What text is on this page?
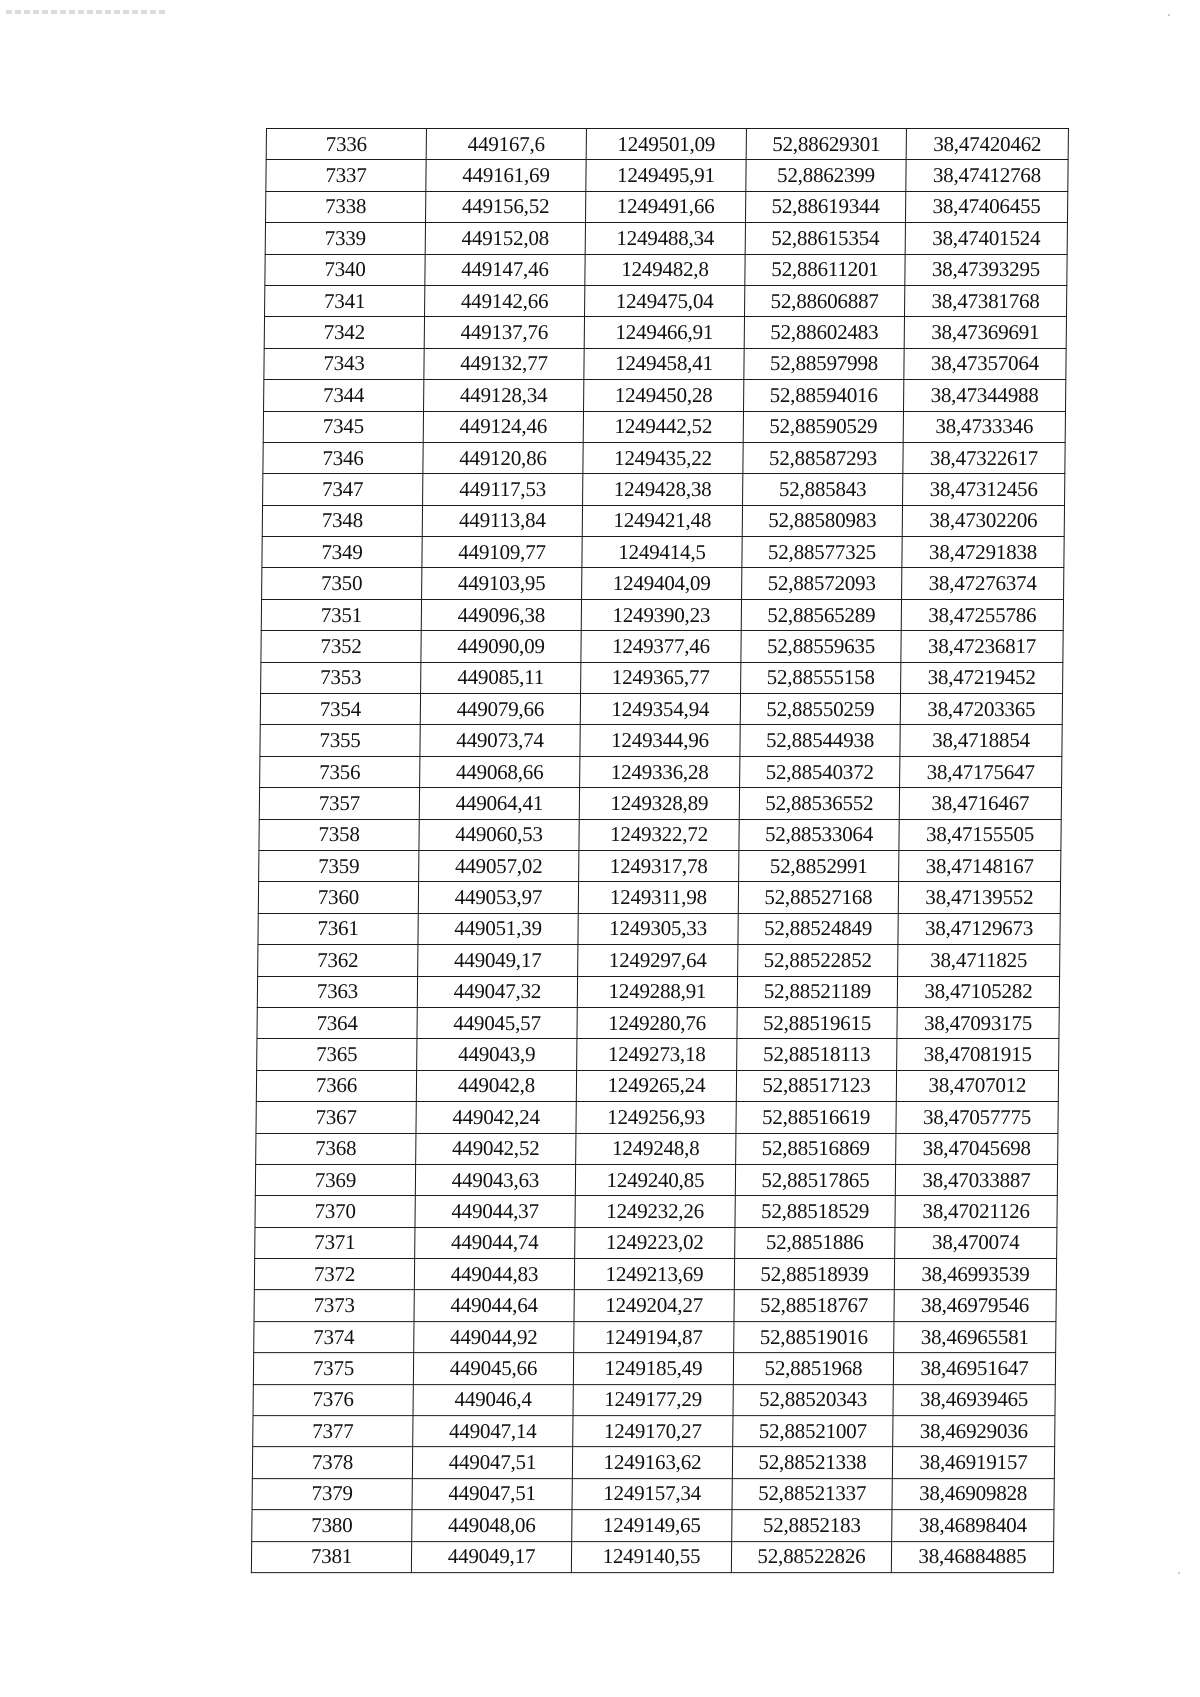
7336	449167,6	1249501,09	52,88629301	38,47420462
7337	449161,69	1249495,91	52,8862399	38,47412768
7338	449156,52	1249491,66	52,88619344	38,47406455
7339	449152,08	1249488,34	52,88615354	38,47401524
7340	449147,46	1249482,8	52,88611201	38,47393295
7341	449142,66	1249475,04	52,88606887	38,47381768
7342	449137,76	1249466,91	52,88602483	38,47369691
7343	449132,77	1249458,41	52,88597998	38,47357064
7344	449128,34	1249450,28	52,88594016	38,47344988
7345	449124,46	1249442,52	52,88590529	38,4733346
7346	449120,86	1249435,22	52,88587293	38,47322617
7347	449117,53	1249428,38	52,885843	38,47312456
7348	449113,84	1249421,48	52,88580983	38,47302206
7349	449109,77	1249414,5	52,88577325	38,47291838
7350	449103,95	1249404,09	52,88572093	38,47276374
7351	449096,38	1249390,23	52,88565289	38,47255786
7352	449090,09	1249377,46	52,88559635	38,47236817
7353	449085,11	1249365,77	52,88555158	38,47219452
7354	449079,66	1249354,94	52,88550259	38,47203365
7355	449073,74	1249344,96	52,88544938	38,4718854
7356	449068,66	1249336,28	52,88540372	38,47175647
7357	449064,41	1249328,89	52,88536552	38,4716467
7358	449060,53	1249322,72	52,88533064	38,47155505
7359	449057,02	1249317,78	52,8852991	38,47148167
7360	449053,97	1249311,98	52,88527168	38,47139552
7361	449051,39	1249305,33	52,88524849	38,47129673
7362	449049,17	1249297,64	52,88522852	38,4711825
7363	449047,32	1249288,91	52,88521189	38,47105282
7364	449045,57	1249280,76	52,88519615	38,47093175
7365	449043,9	1249273,18	52,88518113	38,47081915
7366	449042,8	1249265,24	52,88517123	38,4707012
7367	449042,24	1249256,93	52,88516619	38,47057775
7368	449042,52	1249248,8	52,88516869	38,47045698
7369	449043,63	1249240,85	52,88517865	38,47033887
7370	449044,37	1249232,26	52,88518529	38,47021126
7371	449044,74	1249223,02	52,8851886	38,470074
7372	449044,83	1249213,69	52,88518939	38,46993539
7373	449044,64	1249204,27	52,88518767	38,46979546
7374	449044,92	1249194,87	52,88519016	38,46965581
7375	449045,66	1249185,49	52,8851968	38,46951647
7376	449046,4	1249177,29	52,88520343	38,46939465
7377	449047,14	1249170,27	52,88521007	38,46929036
7378	449047,51	1249163,62	52,88521338	38,46919157
7379	449047,51	1249157,34	52,88521337	38,46909828
7380	449048,06	1249149,65	52,8852183	38,46898404
7381	449049,17	1249140,55	52,88522826	38,46884885
